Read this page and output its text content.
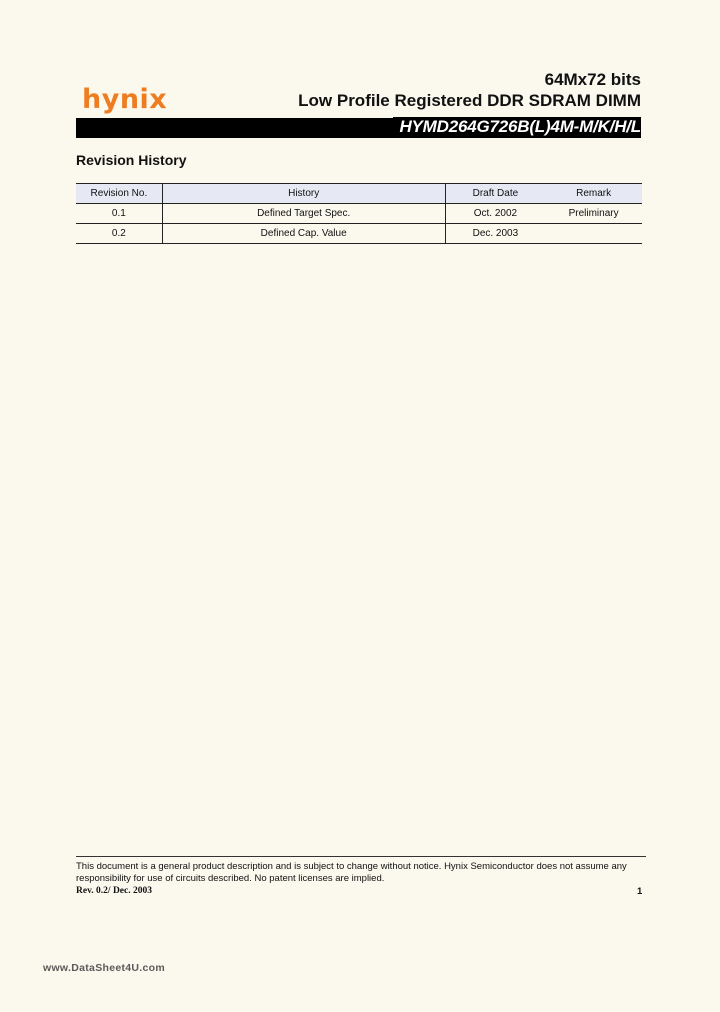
hynix
64Mx72 bits
Low Profile Registered DDR SDRAM DIMM
HYMD264G726B(L)4M-M/K/H/L
Revision History
Revision No.	History	Draft Date	Remark
0.1	Defined Target Spec.	Oct. 2002	Preliminary
0.2	Defined Cap. Value	Dec. 2003	
This document is a general product description and is subject to change without notice. Hynix Semiconductor does not assume any responsibility for use of circuits described. No patent licenses are implied.
Rev. 0.2/ Dec. 2003	1
www.DataSheet4U.com
